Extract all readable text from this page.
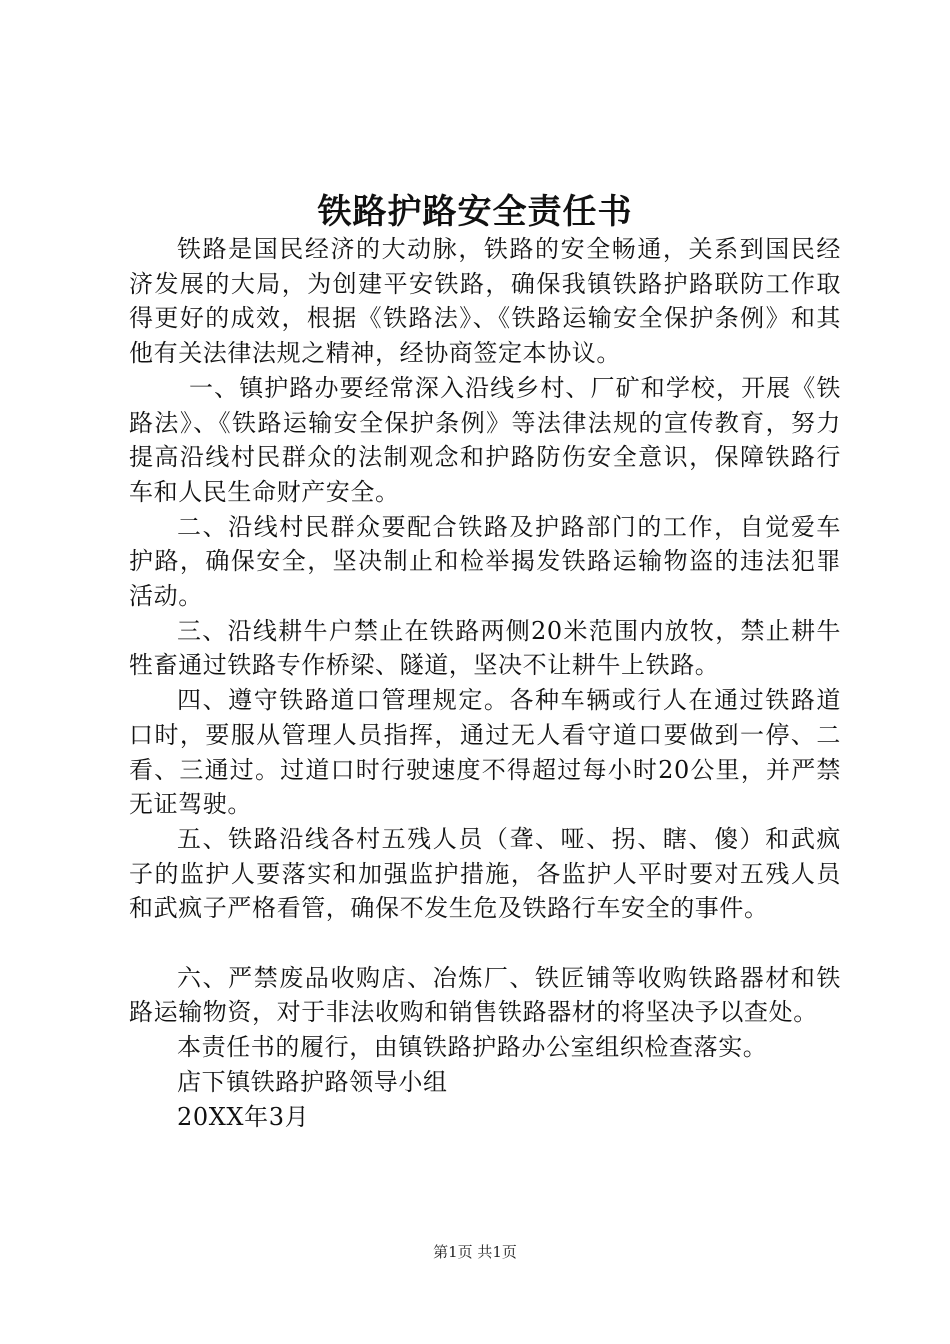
铁路护路安全责任书

铁路是国民经济的大动脉，铁路的安全畅通，关系到国民经济发展的大局，为创建平安铁路，确保我镇铁路护路联防工作取得更好的成效，根据《铁路法》、《铁路运输安全保护条例》和其他有关法律法规之精神，经协商签定本协议。

一、镇护路办要经常深入沿线乡村、厂矿和学校，开展《铁路法》、《铁路运输安全保护条例》等法律法规的宣传教育，努力提高沿线村民群众的法制观念和护路防伤安全意识，保障铁路行车和人民生命财产安全。

二、沿线村民群众要配合铁路及护路部门的工作，自觉爱车护路，确保安全，坚决制止和检举揭发铁路运输物盗的违法犯罪活动。

三、沿线耕牛户禁止在铁路两侧20米范围内放牧，禁止耕牛牲畜通过铁路专作桥梁、隧道，坚决不让耕牛上铁路。

四、遵守铁路道口管理规定。各种车辆或行人在通过铁路道口时，要服从管理人员指挥，通过无人看守道口要做到一停、二看、三通过。过道口时行驶速度不得超过每小时20公里，并严禁无证驾驶。

五、铁路沿线各村五残人员（聋、哑、拐、瞎、傻）和武疯子的监护人要落实和加强监护措施，各监护人平时要对五残人员和武疯子严格看管，确保不发生危及铁路行车安全的事件。

六、严禁废品收购店、冶炼厂、铁匠铺等收购铁路器材和铁路运输物资，对于非法收购和销售铁路器材的将坚决予以查处。

本责任书的履行，由镇铁路护路办公室组织检查落实。

店下镇铁路护路领导小组

20XX年3月

第1页 共1页
